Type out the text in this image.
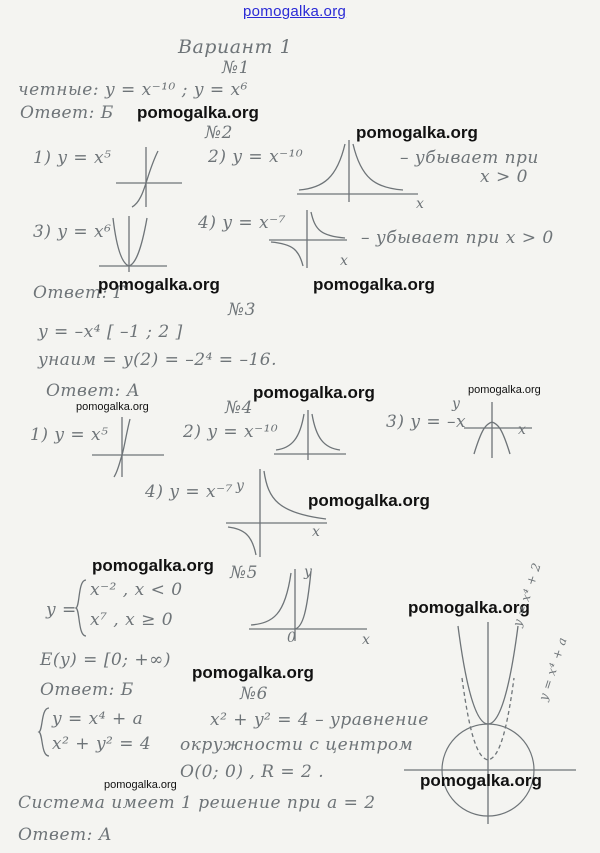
pomogalka.org
Вариант 1
№1
четные: y = x⁻¹⁰ ; y = x⁶
Ответ: Б pomogalka.org
№2	pomogalka.org
1) y = x⁵	2) y = x⁻¹⁰	– убывает при
x > 0
x
3) y = x⁶	4) y = x⁻⁷
– убывает при x > 0
x
Ответ: Г
pomogalka.org	pomogalka.org
№3
y = –x⁴ [ –1 ; 2 ]
yнаим = y(2) = –2⁴ = –16.
Ответ: А	pomogalka.org	pomogalka.org
pomogalka.org	№4
1) y = x⁵	2) y = x⁻¹⁰	3) y = –x
y
x
4) y = x⁻⁷ y
x
pomogalka.org
pomogalka.org №5
y =
x⁻² , x < 0
x⁷ , x ≥ 0
y
0	x
pomogalka.org
E(y) = [0; +∞)
pomogalka.org
Ответ: Б	№6
y = x⁴ + a
x² + y² = 4
x² + y² = 4 – уравнение
окружности с центром
O(0; 0) , R = 2 .
y = x⁴ + 2
y = x⁴ + a
pomogalka.org
pomogalka.org
Система имеет 1 решение при a = 2
Ответ: А
